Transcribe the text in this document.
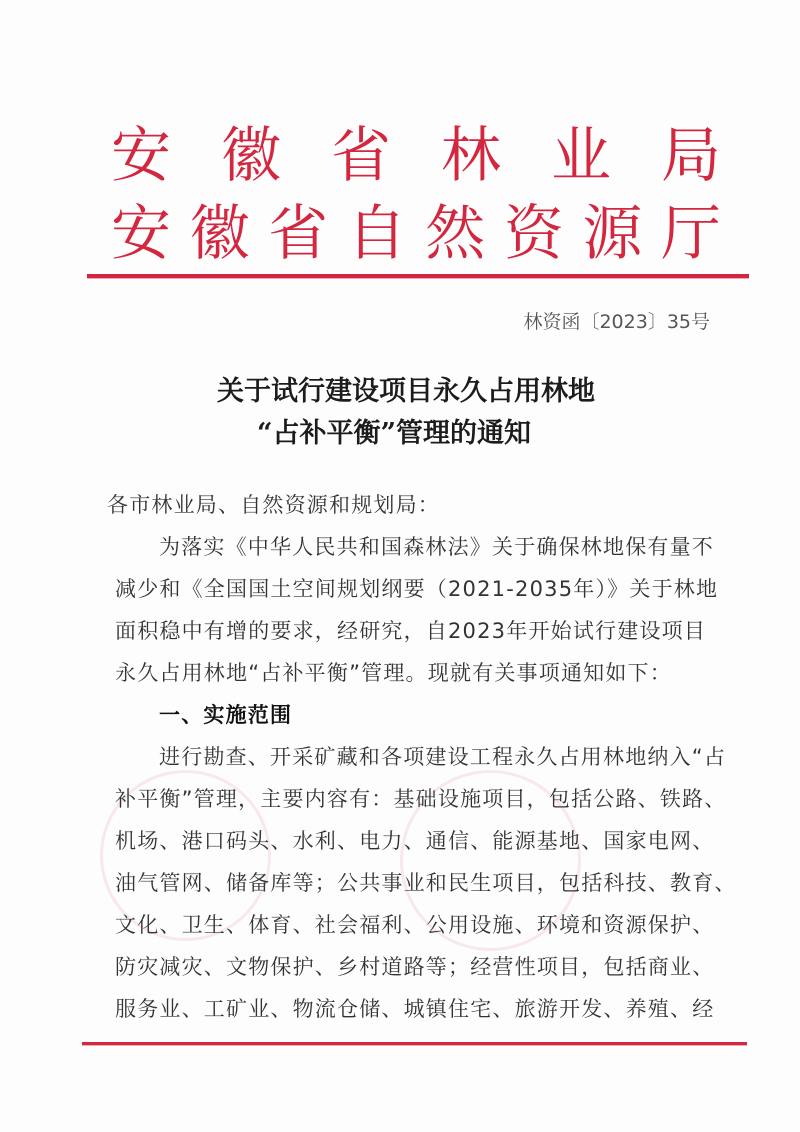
安 徽 省 林 业 局
安 徽 省 自 然 资 源 厅
林资函〔2023〕35号
关于试行建设项目永久占用林地
“占补平衡”管理的通知
各市林业局、自然资源和规划局：
为落实《中华人民共和国森林法》关于确保林地保有量不
减少和《全国国土空间规划纲要（2021-2035年）》关于林地
面积稳中有增的要求，经研究，自2023年开始试行建设项目
永久占用林地“占补平衡”管理。现就有关事项通知如下：
一、实施范围
进行勘查、开采矿藏和各项建设工程永久占用林地纳入“占
补平衡”管理，主要内容有：基础设施项目，包括公路、铁路、
机场、港口码头、水利、电力、通信、能源基地、国家电网、
油气管网、储备库等；公共事业和民生项目，包括科技、教育、
文化、卫生、体育、社会福利、公用设施、环境和资源保护、
防灾减灾、文物保护、乡村道路等；经营性项目，包括商业、
服务业、工矿业、物流仓储、城镇住宅、旅游开发、养殖、经
